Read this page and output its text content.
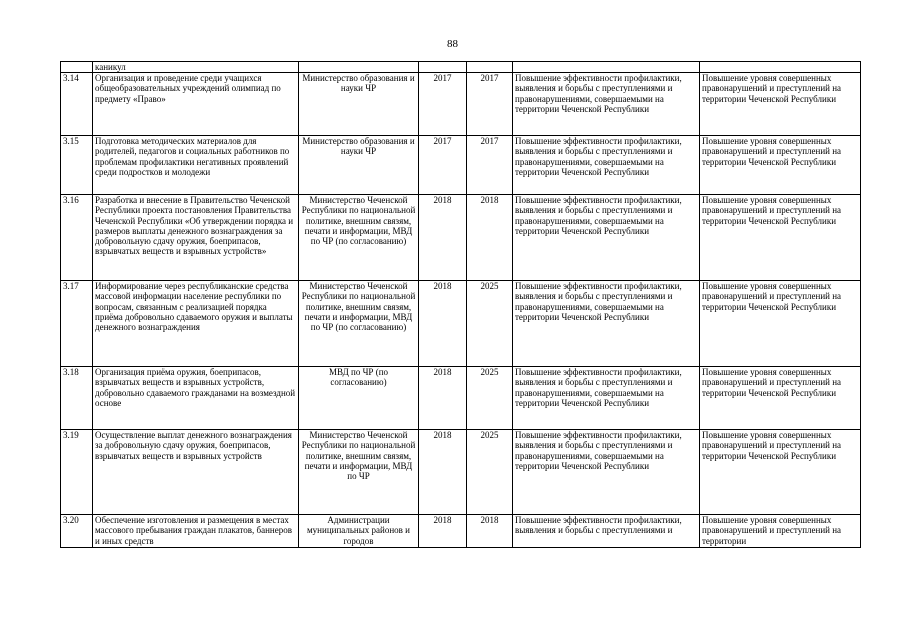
88
	каникул					
3.14	Организация и проведение среди учащихся общеобразовательных учреждений олимпиад по предмету «Право»	Министерство образования и науки ЧР	2017	2017	Повышение эффективности профилактики, выявления и борьбы с преступлениями и правонарушениями, совершаемыми на территории Чеченской Республики	Повышение уровня совершенных правонарушений и преступлений на территории Чеченской Республики
3.15	Подготовка методических материалов для родителей, педагогов и социальных работников по проблемам профилактики негативных проявлений среди подростков и молодежи	Министерство образования и науки ЧР	2017	2017	Повышение эффективности профилактики, выявления и борьбы с преступлениями и правонарушениями, совершаемыми на территории Чеченской Республики	Повышение уровня совершенных правонарушений и преступлений на территории Чеченской Республики
3.16	Разработка и внесение в Правительство Чеченской Республики проекта постановления Правительства Чеченской Республики «Об утверждении порядка и размеров выплаты денежного вознаграждения за добровольную сдачу оружия, боеприпасов, взрывчатых веществ и взрывных устройств»	Министерство Чеченской Республики по национальной политике, внешним связям, печати и информации, МВД по ЧР (по согласованию)	2018	2018	Повышение эффективности профилактики, выявления и борьбы с преступлениями и правонарушениями, совершаемыми на территории Чеченской Республики	Повышение уровня совершенных правонарушений и преступлений на территории Чеченской Республики
3.17	Информирование через республиканские средства массовой информации население республики по вопросам, связанным с реализацией порядка приёма добровольно сдаваемого оружия и выплаты денежного вознаграждения	Министерство Чеченской Республики по национальной политике, внешним связям, печати и информации, МВД по ЧР (по согласованию)	2018	2025	Повышение эффективности профилактики, выявления и борьбы с преступлениями и правонарушениями, совершаемыми на территории Чеченской Республики	Повышение уровня совершенных правонарушений и преступлений на территории Чеченской Республики
3.18	Организация приёма оружия, боеприпасов, взрывчатых веществ и взрывных устройств, добровольно сдаваемого гражданами на возмездной основе	МВД по ЧР (по согласованию)	2018	2025	Повышение эффективности профилактики, выявления и борьбы с преступлениями и правонарушениями, совершаемыми на территории Чеченской Республики	Повышение уровня совершенных правонарушений и преступлений на территории Чеченской Республики
3.19	Осуществление выплат денежного вознаграждения за добровольную сдачу оружия, боеприпасов, взрывчатых веществ и взрывных устройств	Министерство Чеченской Республики по национальной политике, внешним связям, печати и информации, МВД по ЧР	2018	2025	Повышение эффективности профилактики, выявления и борьбы с преступлениями и правонарушениями, совершаемыми на территории Чеченской Республики	Повышение уровня совершенных правонарушений и преступлений на территории Чеченской Республики
3.20	Обеспечение изготовления и размещения в местах массового пребывания граждан плакатов, баннеров и иных средств	Администрации муниципальных районов и городов	2018	2018	Повышение эффективности профилактики, выявления и борьбы с преступлениями и	Повышение уровня совершенных правонарушений и преступлений на территории
